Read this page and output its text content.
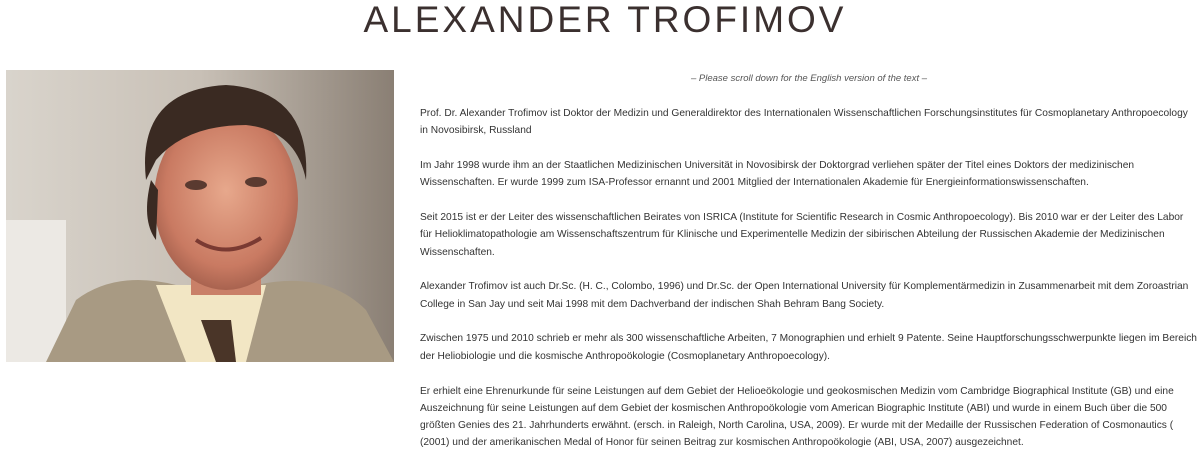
ALEXANDER TROFIMOV

– Please scroll down for the English version of the text –

Prof. Dr. Alexander Trofimov ist Doktor der Medizin und Generaldirektor des Internationalen Wissenschaftlichen Forschungsinstitutes für Cosmoplanetary Anthropoecology in Novosibirsk, Russland

Im Jahr 1998 wurde ihm an der Staatlichen Medizinischen Universität in Novosibirsk der Doktorgrad verliehen später der Titel eines Doktors der medizinischen Wissenschaften. Er wurde 1999 zum ISA-Professor ernannt und 2001 Mitglied der Internationalen Akademie für Energieinformationswissenschaften.

Seit 2015 ist er der Leiter des wissenschaftlichen Beirates von ISRICA (Institute for Scientific Research in Cosmic Anthropoecology). Bis 2010 war er der Leiter des Labor für Helioklimatopathologie am Wissenschaftszentrum für Klinische und Experimentelle Medizin der sibirischen Abteilung der Russischen Akademie der Medizinischen Wissenschaften.

Alexander Trofimov ist auch Dr.Sc. (H. C., Colombo, 1996) und Dr.Sc. der Open International University für Komplementärmedizin in Zusammenarbeit mit dem Zoroastrian College in San Jay und seit Mai 1998 mit dem Dachverband der indischen Shah Behram Bang Society.

Zwischen 1975 und 2010 schrieb er mehr als 300 wissenschaftliche Arbeiten, 7 Monographien und erhielt 9 Patente. Seine Hauptforschungsschwerpunkte liegen im Bereich der Heliobiologie und die kosmische Anthropoökologie (Cosmoplanetary Anthropoecology).

Er erhielt eine Ehrenurkunde für seine Leistungen auf dem Gebiet der Helioeökologie und geokosmischen Medizin vom Cambridge Biographical Institute (GB) und eine Auszeichnung für seine Leistungen auf dem Gebiet der kosmischen Anthropoökologie vom American Biographic Institute (ABI) und wurde in einem Buch über die 500 größten Genies des 21. Jahrhunderts erwähnt. (ersch. in Raleigh, North Carolina, USA, 2009). Er wurde mit der Medaille der Russischen Federation of Cosmonautics ( (2001) und der amerikanischen Medal of Honor für seinen Beitrag zur kosmischen Anthropoökologie (ABI, USA, 2007) ausgezeichnet.
